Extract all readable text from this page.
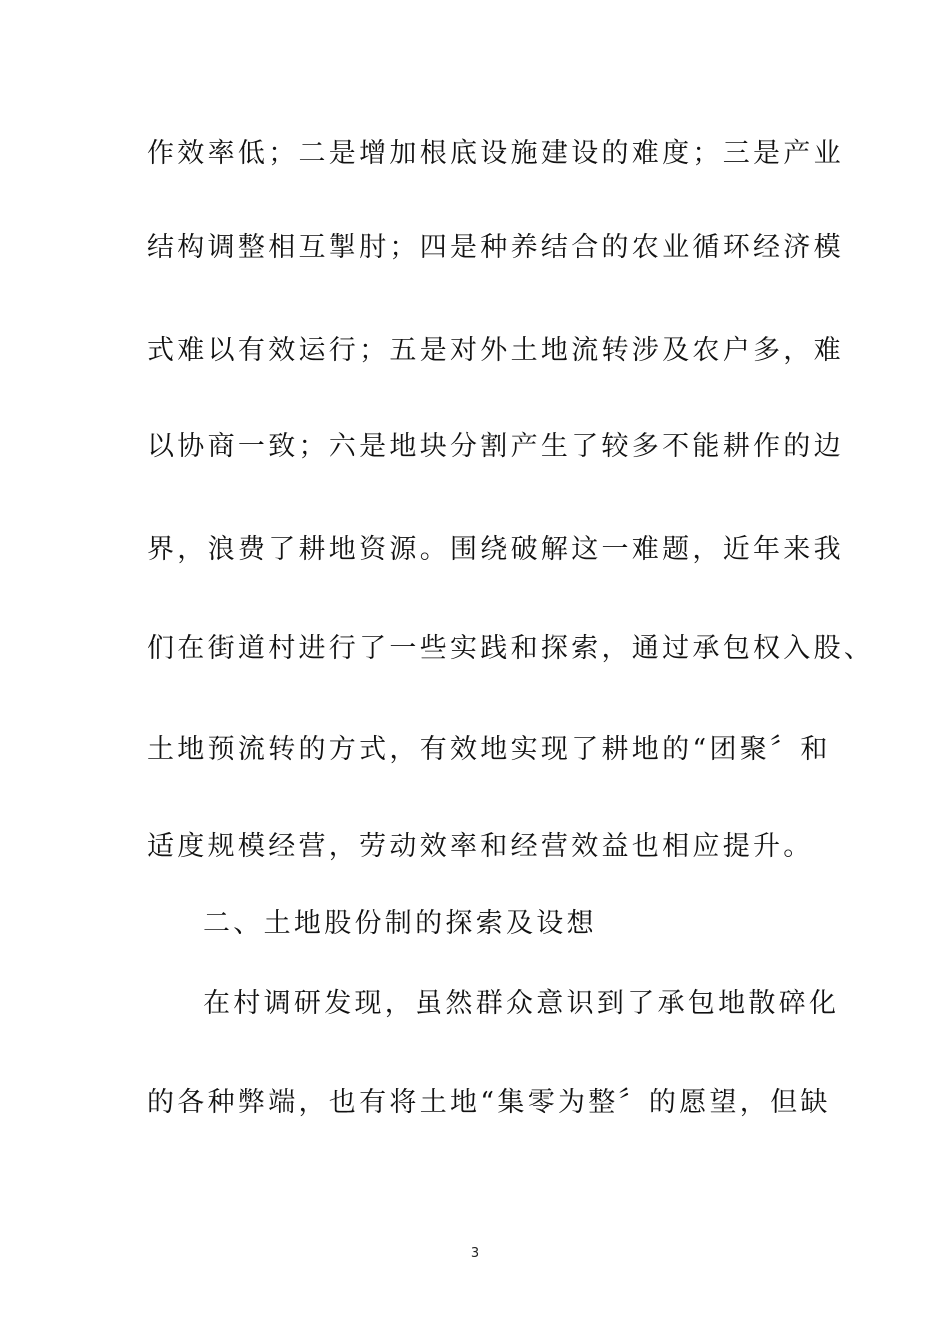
作效率低；二是增加根底设施建设的难度；三是产业
结构调整相互掣肘；四是种养结合的农业循环经济模
式难以有效运行；五是对外土地流转涉及农户多，难
以协商一致；六是地块分割产生了较多不能耕作的边
界，浪费了耕地资源。围绕破解这一难题，近年来我
们在街道村进行了一些实践和探索，通过承包权入股、
土地预流转的方式，有效地实现了耕地的“团聚〞和
适度规模经营，劳动效率和经营效益也相应提升。
二、土地股份制的探索及设想
在村调研发现，虽然群众意识到了承包地散碎化
的各种弊端，也有将土地“集零为整〞的愿望，但缺
3
